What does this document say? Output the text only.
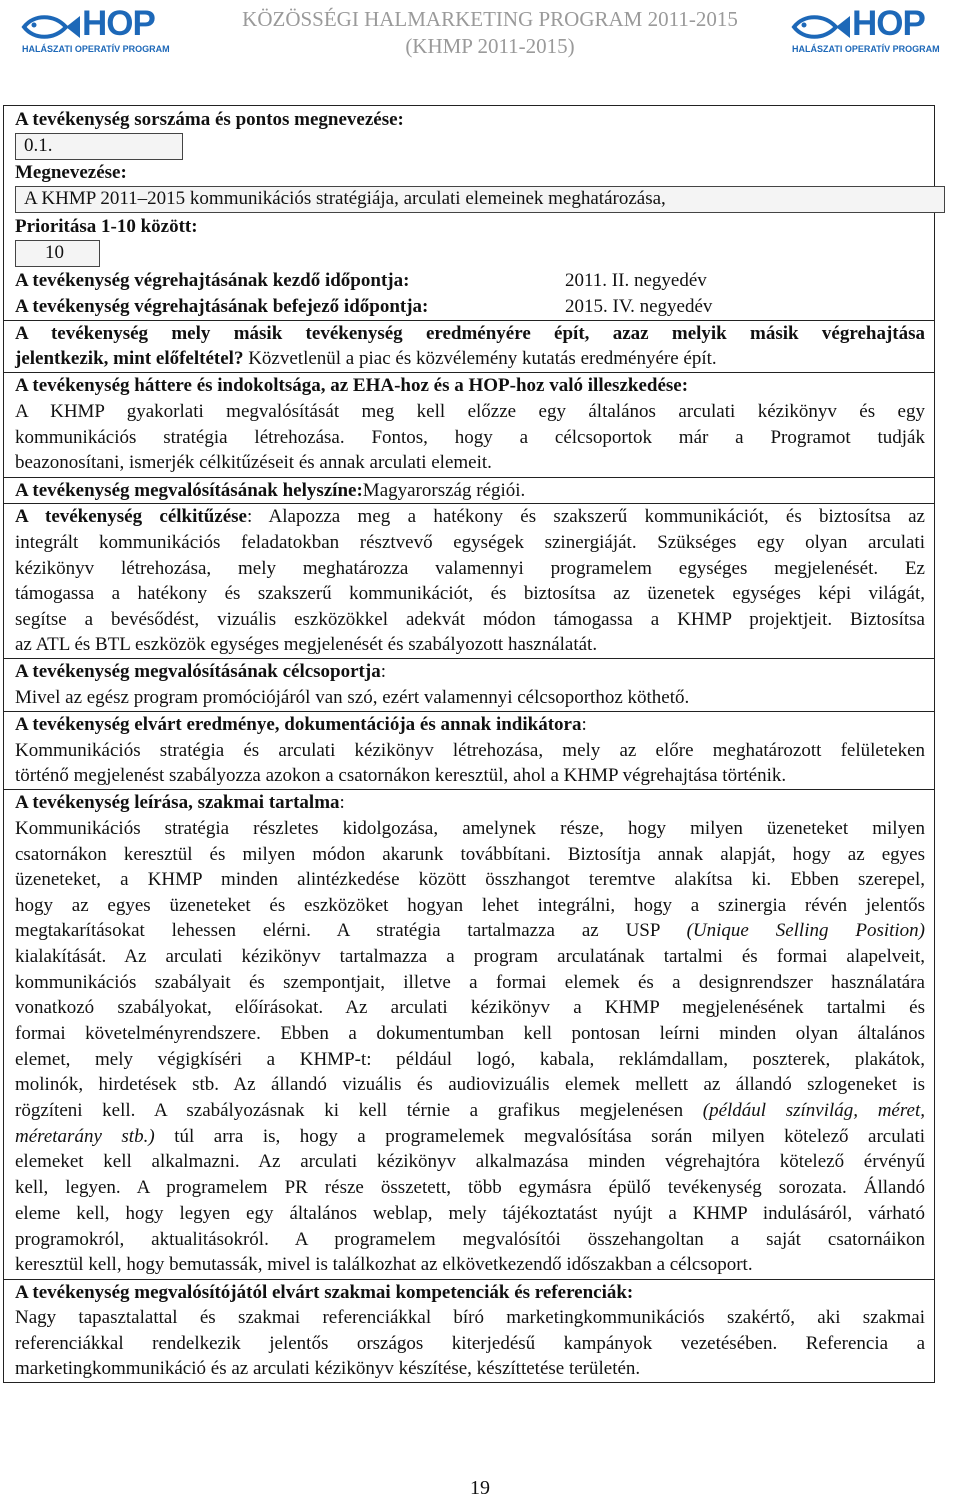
HOP
HALÁSZATI OPERATÍV PROGRAM
KÖZÖSSÉGI HALMARKETING PROGRAM 2011-2015
(KHMP 2011-2015)
HOP
HALÁSZATI OPERATÍV PROGRAM
A tevékenység sorszáma és pontos megnevezése:
0.1.
Megnevezése:
A KHMP 2011–2015 kommunikációs stratégiája, arculati elemeinek meghatározása,
Prioritása 1-10 között:
10
A tevékenység végrehajtásának kezdő időpontja:	2011. II. negyedév
A tevékenység végrehajtásának befejező időpontja:	2015. IV. negyedév
A tevékenység mely másik tevékenység eredményére épít, azaz melyik másik végrehajtása
jelentkezik, mint előfeltétel? Közvetlenül a piac és közvélemény kutatás eredményére épít.
A tevékenység háttere és indokoltsága, az EHA-hoz és a HOP-hoz való illeszkedése:
A KHMP gyakorlati megvalósítását meg kell előzze egy általános arculati kézikönyv és egy
kommunikációs stratégia létrehozása. Fontos, hogy a célcsoportok már a Programot tudják
beazonosítani, ismerjék célkitűzéseit és annak arculati elemeit.
A tevékenység megvalósításának helyszíne:Magyarország régiói.
A tevékenység célkitűzése: Alapozza meg a hatékony és szakszerű kommunikációt, és biztosítsa az
integrált kommunikációs feladatokban résztvevő egységek szinergiáját. Szükséges egy olyan arculati
kézikönyv létrehozása, mely meghatározza valamennyi programelem egységes megjelenését. Ez
támogassa a hatékony és szakszerű kommunikációt, és biztosítsa az üzenetek egységes képi világát,
segítse a bevésődést, vizuális eszközökkel adekvát módon támogassa a KHMP projektjeit. Biztosítsa
az ATL és BTL eszközök egységes megjelenését és szabályozott használatát.
A tevékenység megvalósításának célcsoportja:
Mivel az egész program promóciójáról van szó, ezért valamennyi célcsoporthoz köthető.
A tevékenység elvárt eredménye, dokumentációja és annak indikátora:
Kommunikációs stratégia és arculati kézikönyv létrehozása, mely az előre meghatározott felületeken
történő megjelenést szabályozza azokon a csatornákon keresztül, ahol a KHMP végrehajtása történik.
A tevékenység leírása, szakmai tartalma:
Kommunikációs stratégia részletes kidolgozása, amelynek része, hogy milyen üzeneteket milyen
csatornákon keresztül és milyen módon akarunk továbbítani. Biztosítja annak alapját, hogy az egyes
üzeneteket, a KHMP minden alintézkedése között összhangot teremtve alakítsa ki. Ebben szerepel,
hogy az egyes üzeneteket és eszközöket hogyan lehet integrálni, hogy a szinergia révén jelentős
megtakarításokat lehessen elérni. A stratégia tartalmazza az USP (Unique Selling Position)
kialakítását. Az arculati kézikönyv tartalmazza a program arculatának tartalmi és formai alapelveit,
kommunikációs szabályait és szempontjait, illetve a formai elemek és a designrendszer használatára
vonatkozó szabályokat, előírásokat. Az arculati kézikönyv a KHMP megjelenésének tartalmi és
formai követelményrendszere. Ebben a dokumentumban kell pontosan leírni minden olyan általános
elemet, mely végigkíséri a KHMP-t: például logó, kabala, reklámdallam, poszterek, plakátok,
molinók, hirdetések stb. Az állandó vizuális és audiovizuális elemek mellett az állandó szlogeneket is
rögzíteni kell. A szabályozásnak ki kell térnie a grafikus megjelenésen (például színvilág, méret,
méretarány stb.) túl arra is, hogy a programelemek megvalósítása során milyen kötelező arculati
elemeket kell alkalmazni. Az arculati kézikönyv alkalmazása minden végrehajtóra kötelező érvényű
kell, legyen. A programelem PR része összetett, több egymásra épülő tevékenység sorozata. Állandó
eleme kell, hogy legyen egy általános weblap, mely tájékoztatást nyújt a KHMP indulásáról, várható
programokról, aktualitásokról. A programelem megvalósítói összehangoltan a saját csatornáikon
keresztül kell, hogy bemutassák, mivel is találkozhat az elkövetkezendő időszakban a célcsoport.
A tevékenység megvalósítójától elvárt szakmai kompetenciák és referenciák:
Nagy tapasztalattal és szakmai referenciákkal bíró marketingkommunikációs szakértő, aki szakmai
referenciákkal rendelkezik jelentős országos kiterjedésű kampányok vezetésében. Referencia a
marketingkommunikáció és az arculati kézikönyv készítése, készíttetése területén.
19
